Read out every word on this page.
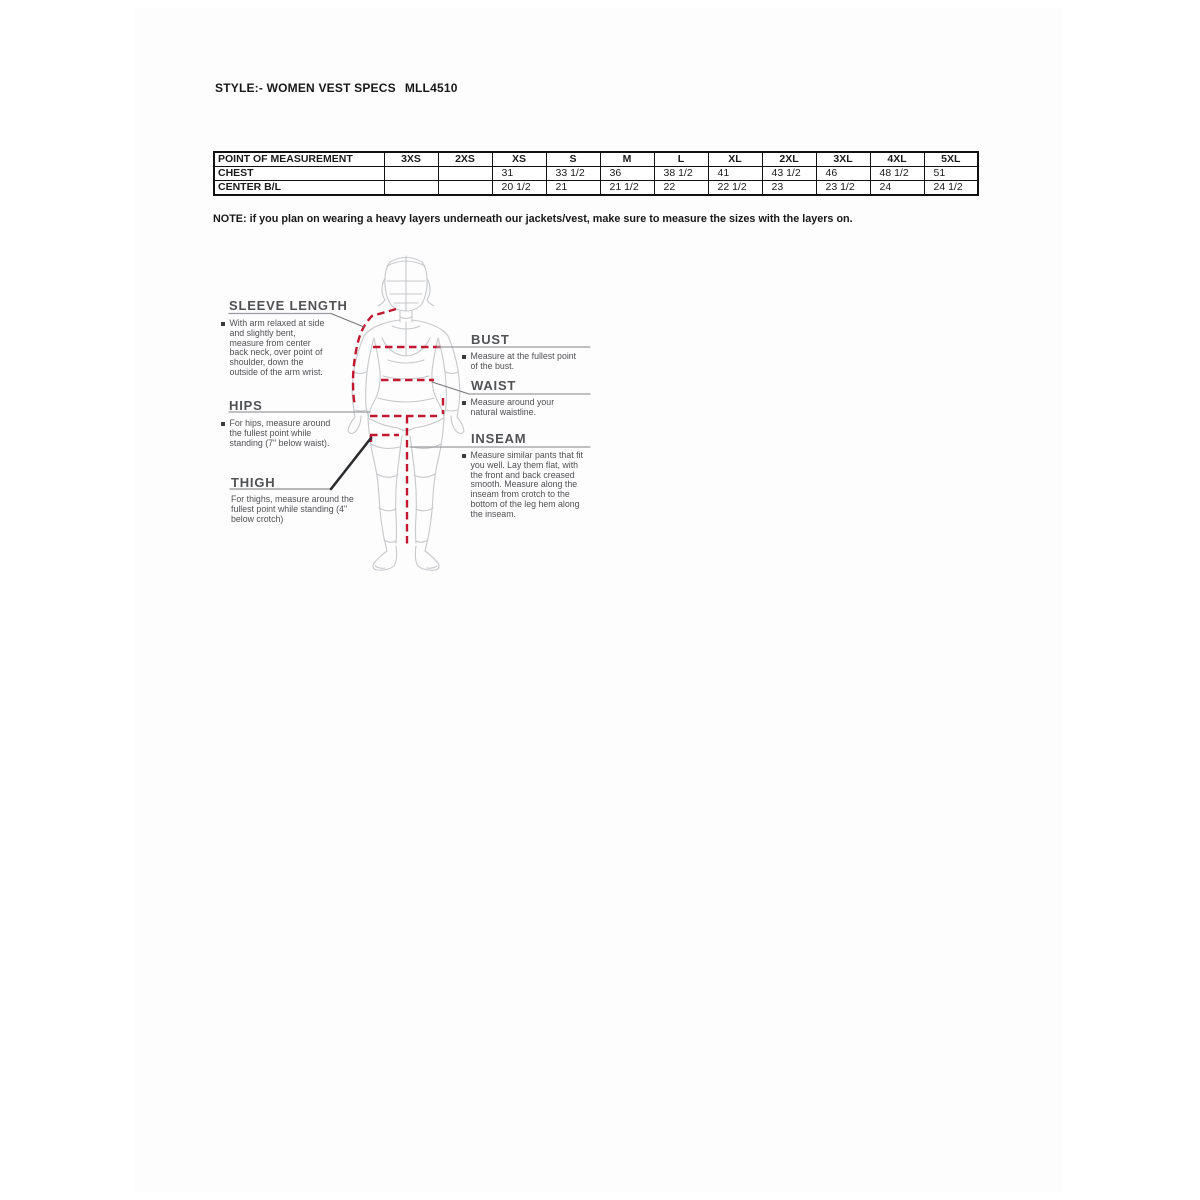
STYLE:- WOMEN VEST SPECS MLL4510
POINT OF MEASUREMENT	3XS	2XS	XS	S	M	L	XL	2XL	3XL	4XL	5XL
CHEST			31	33 1/2	36	38 1/2	41	43 1/2	46	48 1/2	51
CENTER B/L			20 1/2	21	21 1/2	22	22 1/2	23	23 1/2	24	24 1/2
NOTE: if you plan on wearing a heavy layers underneath our jackets/vest, make sure to measure the sizes with the layers on.
SLEEVE LENGTH
With arm relaxed at side and slightly bent, measure from center back neck, over point of shoulder, down the outside of the arm wrist.
HIPS
For hips, measure around the fullest point while standing (7" below waist).
THIGH
For thighs, measure around the fullest point while standing (4" below crotch)
BUST
Measure at the fullest point of the bust.
WAIST
Measure around your natural waistline.
INSEAM
Measure similar pants that fit you well. Lay them flat, with the front and back creased smooth. Measure along the inseam from crotch to the bottom of the leg hem along the inseam.
